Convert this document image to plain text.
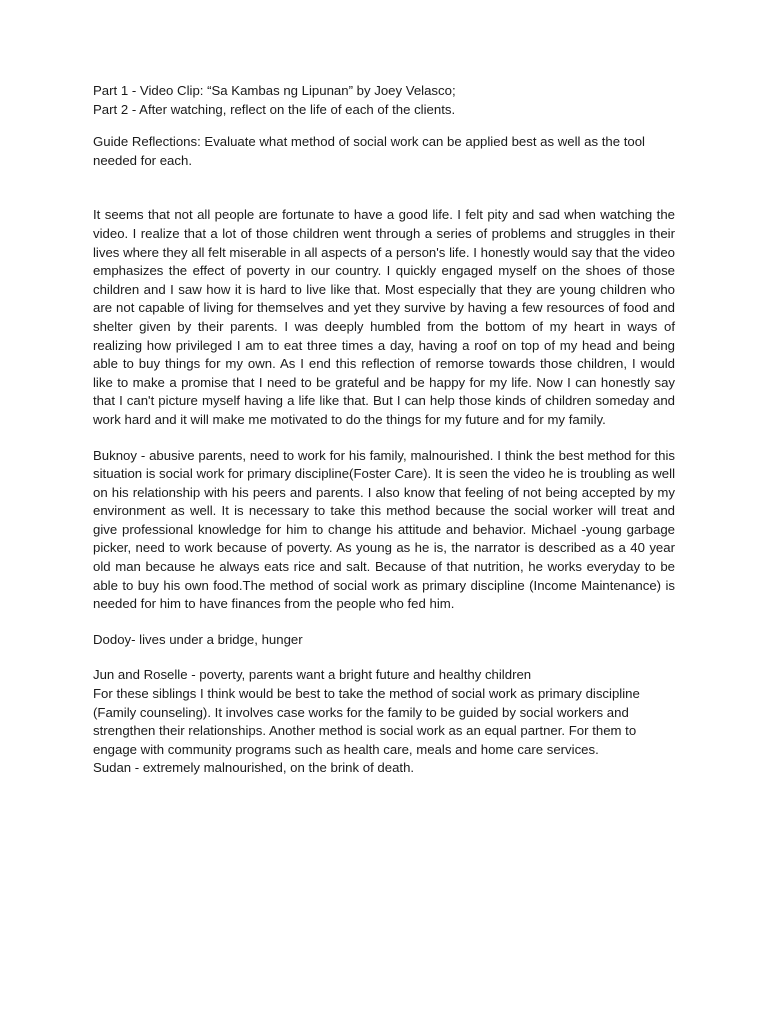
Part 1 - Video Clip: “Sa Kambas ng Lipunan” by Joey Velasco;

Part 2 - After watching, reflect on the life of each of the clients.

Guide Reflections: Evaluate what method of social work can be applied best as well as the tool needed for each.

It seems that not all people are fortunate to have a good life. I felt pity and sad when watching the video. I realize that a lot of those children went through a series of problems and struggles in their lives where they all felt miserable in all aspects of a person's life. I honestly would say that the video emphasizes the effect of poverty in our country. I quickly engaged myself on the shoes of those children and I saw how it is hard to live like that. Most especially that they are young children who are not capable of living for themselves and yet they survive by having a few resources of food and shelter given by their parents. I was deeply humbled from the bottom of my heart in ways of realizing how privileged I am to eat three times a day, having a roof on top of my head and being able to buy things for my own. As I end this reflection of remorse towards those children, I would like to make a promise that I need to be grateful and be happy for my life. Now I can honestly say that I can't picture myself having a life like that. But I can help those kinds of children someday and work hard and it will make me motivated to do the things for my future and for my family.

Buknoy - abusive parents, need to work for his family, malnourished. I think the best method for this situation is social work for primary discipline(Foster Care). It is seen the video he is troubling as well on his relationship with his peers and parents. I also know that feeling of not being accepted by my environment as well. It is necessary to take this method because the social worker will treat and give professional knowledge for him to change his attitude and behavior. Michael -young garbage picker, need to work because of poverty. As young as he is, the narrator is described as a 40 year old man because he always eats rice and salt. Because of that nutrition, he works everyday to be able to buy his own food.The method of social work as primary discipline (Income Maintenance) is needed for him to have finances from the people who fed him.

Dodoy- lives under a bridge, hunger

Jun and Roselle - poverty, parents want a bright future and healthy children

For these siblings I think would be best to take the method of social work as primary discipline (Family counseling). It involves case works for the family to be guided by social workers and strengthen their relationships. Another method is social work as an equal partner. For them to engage with community programs such as health care, meals and home care services.

Sudan - extremely malnourished, on the brink of death.
